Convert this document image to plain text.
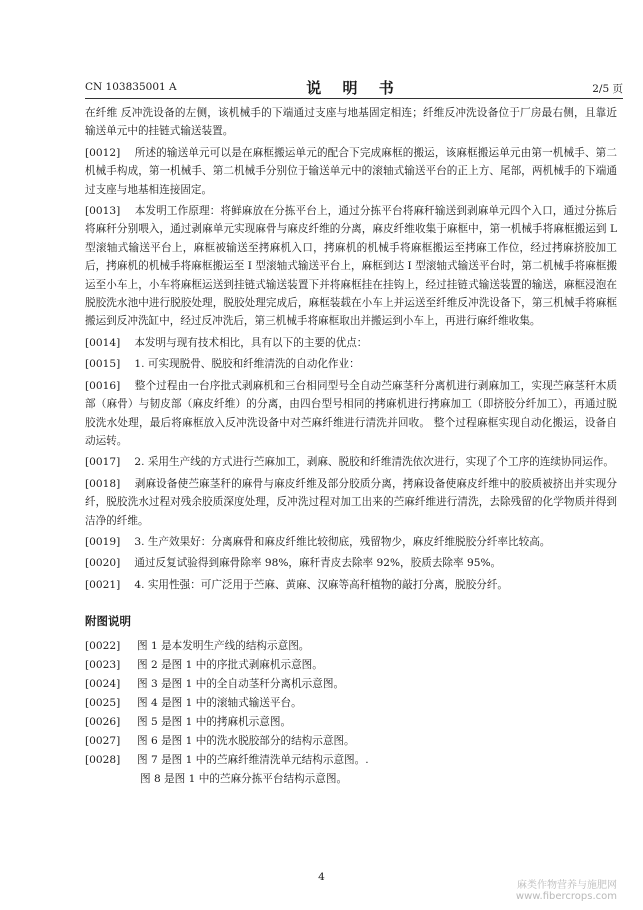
CN 103835001 A	说 明 书	2/5 页

在纤维 反冲洗设备的左侧，该机械手的下端通过支座与地基固定相连；纤维反冲洗设备位于厂房最右侧，且靠近输送单元中的挂链式输送装置。

[0012] 所述的输送单元可以是在麻框搬运单元的配合下完成麻框的搬运，该麻框搬运单元由第一机械手、第二机械手构成，第一机械手、第二机械手分别位于输送单元中的滚轴式输送平台的正上方、尾部，两机械手的下端通过支座与地基相连接固定。

[0013] 本发明工作原理：将鲜麻放在分拣平台上，通过分拣平台将麻秆输送到剥麻单元四个入口，通过分拣后将麻秆分别喂入，通过剥麻单元实现麻骨与麻皮纤维的分离，麻皮纤维收集于麻框中，第一机械手将麻框搬运到 L 型滚轴式输送平台上，麻框被输送至拷麻机入口，拷麻机的机械手将麻框搬运至拷麻工作位，经过拷麻挤胶加工后，拷麻机的机械手将麻框搬运至 I 型滚轴式输送平台上，麻框到达 I 型滚轴式输送平台时，第二机械手将麻框搬运至小车上，小车将麻框运送到挂链式输送装置下并将麻框挂在挂钩上，经过挂链式输送装置的输送，麻框浸泡在脱胶洗水池中进行脱胶处理，脱胶处理完成后，麻框装载在小车上并运送至纤维反冲洗设备下，第三机械手将麻框搬运到反冲洗缸中，经过反冲洗后，第三机械手将麻框取出并搬运到小车上，再进行麻纤维收集。

[0014] 本发明与现有技术相比，具有以下的主要的优点：

[0015] 1. 可实现脱骨、脱胶和纤维清洗的自动化作业：

[0016] 整个过程由一台序批式剥麻机和三台相同型号全自动苎麻茎秆分离机进行剥麻加工，实现苎麻茎秆木质部（麻骨）与韧皮部（麻皮纤维）的分离，由四台型号相同的拷麻机进行拷麻加工（即挤胶分纤加工），再通过脱胶洗水处理，最后将麻框放入反冲洗设备中对苎麻纤维进行清洗并回收。 整个过程麻框实现自动化搬运，设备自动运转。

[0017] 2. 采用生产线的方式进行苎麻加工，剥麻、脱胶和纤维清洗依次进行，实现了个工序的连续协同运作。

[0018] 剥麻设备使苎麻茎秆的麻骨与麻皮纤维及部分胶质分离，拷麻设备使麻皮纤维中的胶质被挤出并实现分纤，脱胶洗水过程对残余胶质深度处理，反冲洗过程对加工出来的苎麻纤维进行清洗，去除残留的化学物质并得到洁净的纤维。

[0019] 3. 生产效果好：分离麻骨和麻皮纤维比较彻底，残留物少，麻皮纤维脱胶分纤率比较高。

[0020] 通过反复试验得到麻骨除率 98%，麻秆青皮去除率 92%，胶质去除率 95%。

[0021] 4. 实用性强：可广泛用于苎麻、黄麻、汉麻等高秆植物的敲打分离，脱胶分纤。

附图说明

[0022] 图 1 是本发明生产线的结构示意图。

[0023] 图 2 是图 1 中的序批式剥麻机示意图。

[0024] 图 3 是图 1 中的全自动茎秆分离机示意图。

[0025] 图 4 是图 1 中的滚轴式输送平台。

[0026] 图 5 是图 1 中的拷麻机示意图。

[0027] 图 6 是图 1 中的洗水脱胶部分的结构示意图。

[0028] 图 7 是图 1 中的苎麻纤维清洗单元结构示意图。.

图 8 是图 1 中的苎麻分拣平台结构示意图。

4
麻类作物营养与施肥网
www.fibercrops.com
